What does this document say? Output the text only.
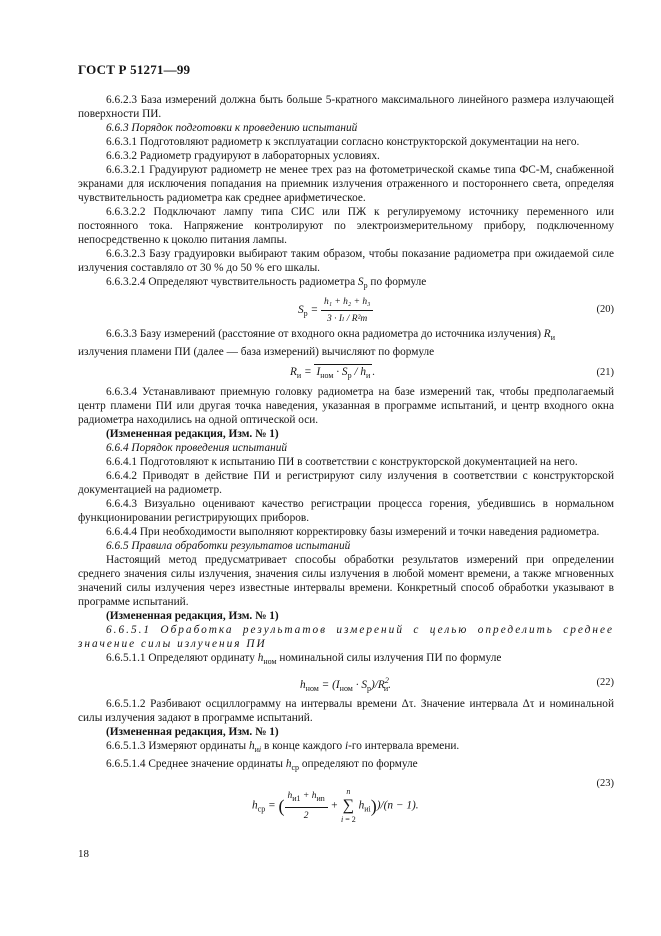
ГОСТ Р 51271—99

6.6.2.3 База измерений должна быть больше 5-кратного максимального линейного размера излучающей поверхности ПИ.

6.6.3 Порядок подготовки к проведению испытаний

6.6.3.1 Подготовляют радиометр к эксплуатации согласно конструкторской документации на него.

6.6.3.2 Радиометр градуируют в лабораторных условиях.

6.6.3.2.1 Градуируют радиометр не менее трех раз на фотометрической скамье типа ФС-М, снабженной экранами для исключения попадания на приемник излучения отраженного и постороннего света, определяя чувствительность радиометра как среднее арифметическое.

6.6.3.2.2 Подключают лампу типа СИС или ПЖ к регулируемому источнику переменного или постоянного тока. Напряжение контролируют по электроизмерительному прибору, подключенному непосредственно к цоколю питания лампы.

6.6.3.2.3 Базу градуировки выбирают таким образом, чтобы показание радиометра при ожидаемой силе излучения составляло от 30 % до 50 % его шкалы.

6.6.3.2.4 Определяют чувствительность радиометра $S_р$ по формуле

$S_р = \frac{\text{h₁ + h₂ + h₃}}{\text{3 · Iₗ / R²т}}$	(20)

6.6.3.3 Базу измерений (расстояние от входного окна радиометра до источника излучения) $R_и$

излучения пламени ПИ (далее — база измерений) вычисляют по формуле

$R_и = I_{ном} \cdot S_р / h_и$ .	(21)

6.6.3.4 Устанавливают приемную головку радиометра на базе измерений так, чтобы предполагаемый центр пламени ПИ или другая точка наведения, указанная в программе испытаний, и центр входного окна радиометра находились на одной оптической оси.

(Измененная редакция, Изм. № 1)

6.6.4 Порядок проведения испытаний

6.6.4.1 Подготовляют к испытанию ПИ в соответствии с конструкторской документацией на него.

6.6.4.2 Приводят в действие ПИ и регистрируют силу излучения в соответствии с конструкторской документацией на радиометр.

6.6.4.3 Визуально оценивают качество регистрации процесса горения, убедившись в нормальном функционировании регистрирующих приборов.

6.6.4.4 При необходимости выполняют корректировку базы измерений и точки наведения радиометра.

6.6.5 Правила обработки результатов испытаний

Настоящий метод предусматривает способы обработки результатов измерений при определении среднего значения силы излучения, значения силы излучения в любой момент времени, а также мгновенных значений силы излучения через известные интервалы времени. Конкретный способ обработки указывают в программе испытаний.

(Измененная редакция, Изм. № 1)

6.6.5.1 Обработка результатов измерений с целью определить среднее значение силы излучения ПИ

6.6.5.1.1 Определяют ординату $h_{ном}$ номинальной силы излучения ПИ по формуле

$h_{ном} = (I_{ном} \cdot S_р)/R^2_и$.	(22)

6.6.5.1.2 Разбивают осциллограмму на интервалы времени Δτ. Значение интервала Δτ и номинальной силы излучения задают в программе испытаний.

(Измененная редакция, Изм. № 1)

6.6.5.1.3 Измеряют ординаты $h_{иi}$ в конце каждого i-го интервала времени.

6.6.5.1.4 Среднее значение ординаты $h_{ср}$ определяют по формуле

$h_{ср}$ = ( $\frac{h_{и1} + h_{иn}}{2}$ +
n
∑
i = 2
$h_{иi}))/(n - 1)$.
(23)
18
